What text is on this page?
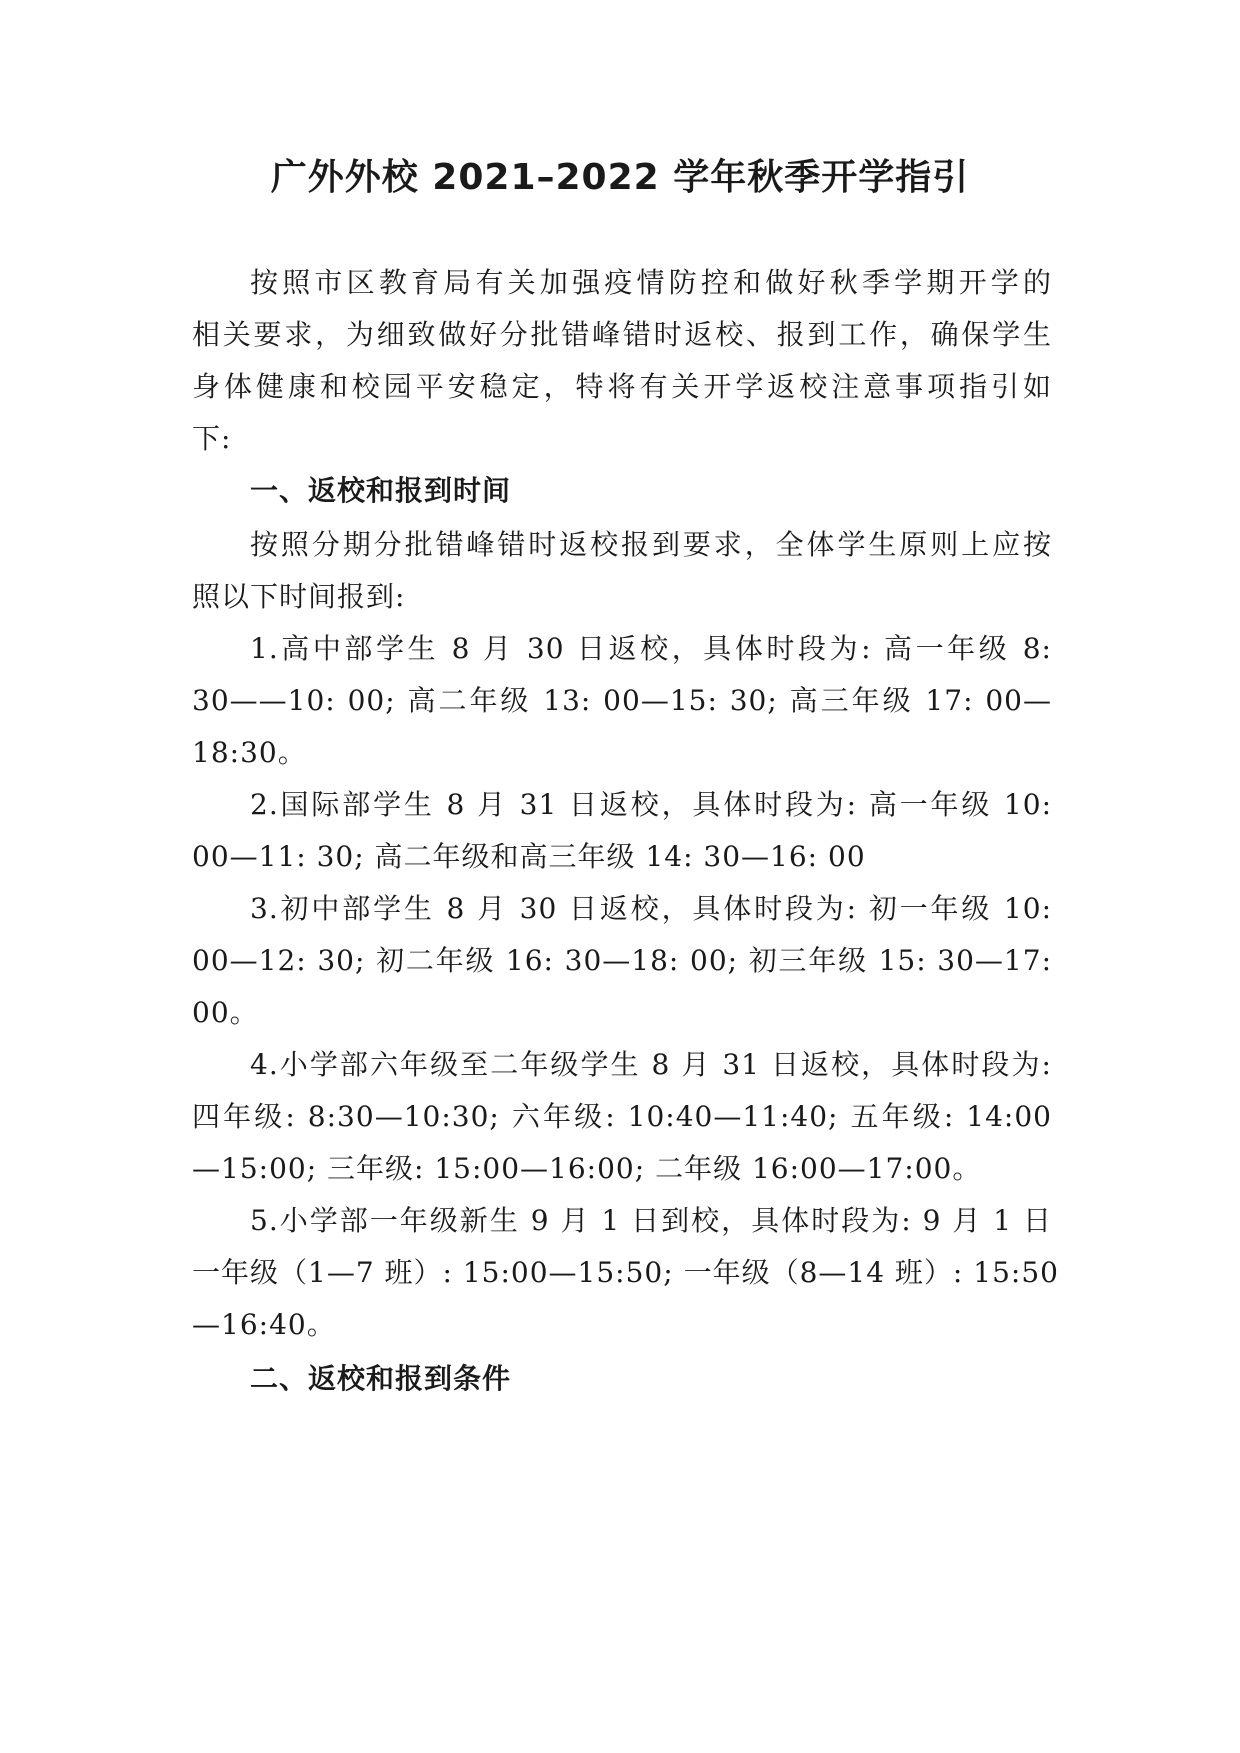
广外外校 2021–2022 学年秋季开学指引
按照市区教育局有关加强疫情防控和做好秋季学期开学的
相关要求，为细致做好分批错峰错时返校、报到工作，确保学生
身体健康和校园平安稳定，特将有关开学返校注意事项指引如
下:
一、返校和报到时间
按照分期分批错峰错时返校报到要求，全体学生原则上应按
照以下时间报到:
1.高中部学生 8 月 30 日返校，具体时段为: 高一年级 8:
30——10: 00; 高二年级 13: 00—15: 30; 高三年级 17: 00—
18:30。
2.国际部学生 8 月 31 日返校，具体时段为: 高一年级 10:
00—11: 30; 高二年级和高三年级 14: 30—16: 00
3.初中部学生 8 月 30 日返校，具体时段为: 初一年级 10:
00—12: 30; 初二年级 16: 30—18: 00; 初三年级 15: 30—17:
00。
4.小学部六年级至二年级学生 8 月 31 日返校，具体时段为:
四年级: 8:30—10:30; 六年级: 10:40—11:40; 五年级: 14:00
—15:00; 三年级: 15:00—16:00; 二年级 16:00—17:00。
5.小学部一年级新生 9 月 1 日到校，具体时段为: 9 月 1 日
一年级（1—7 班）: 15:00—15:50; 一年级（8—14 班）: 15:50
—16:40。
二、返校和报到条件
